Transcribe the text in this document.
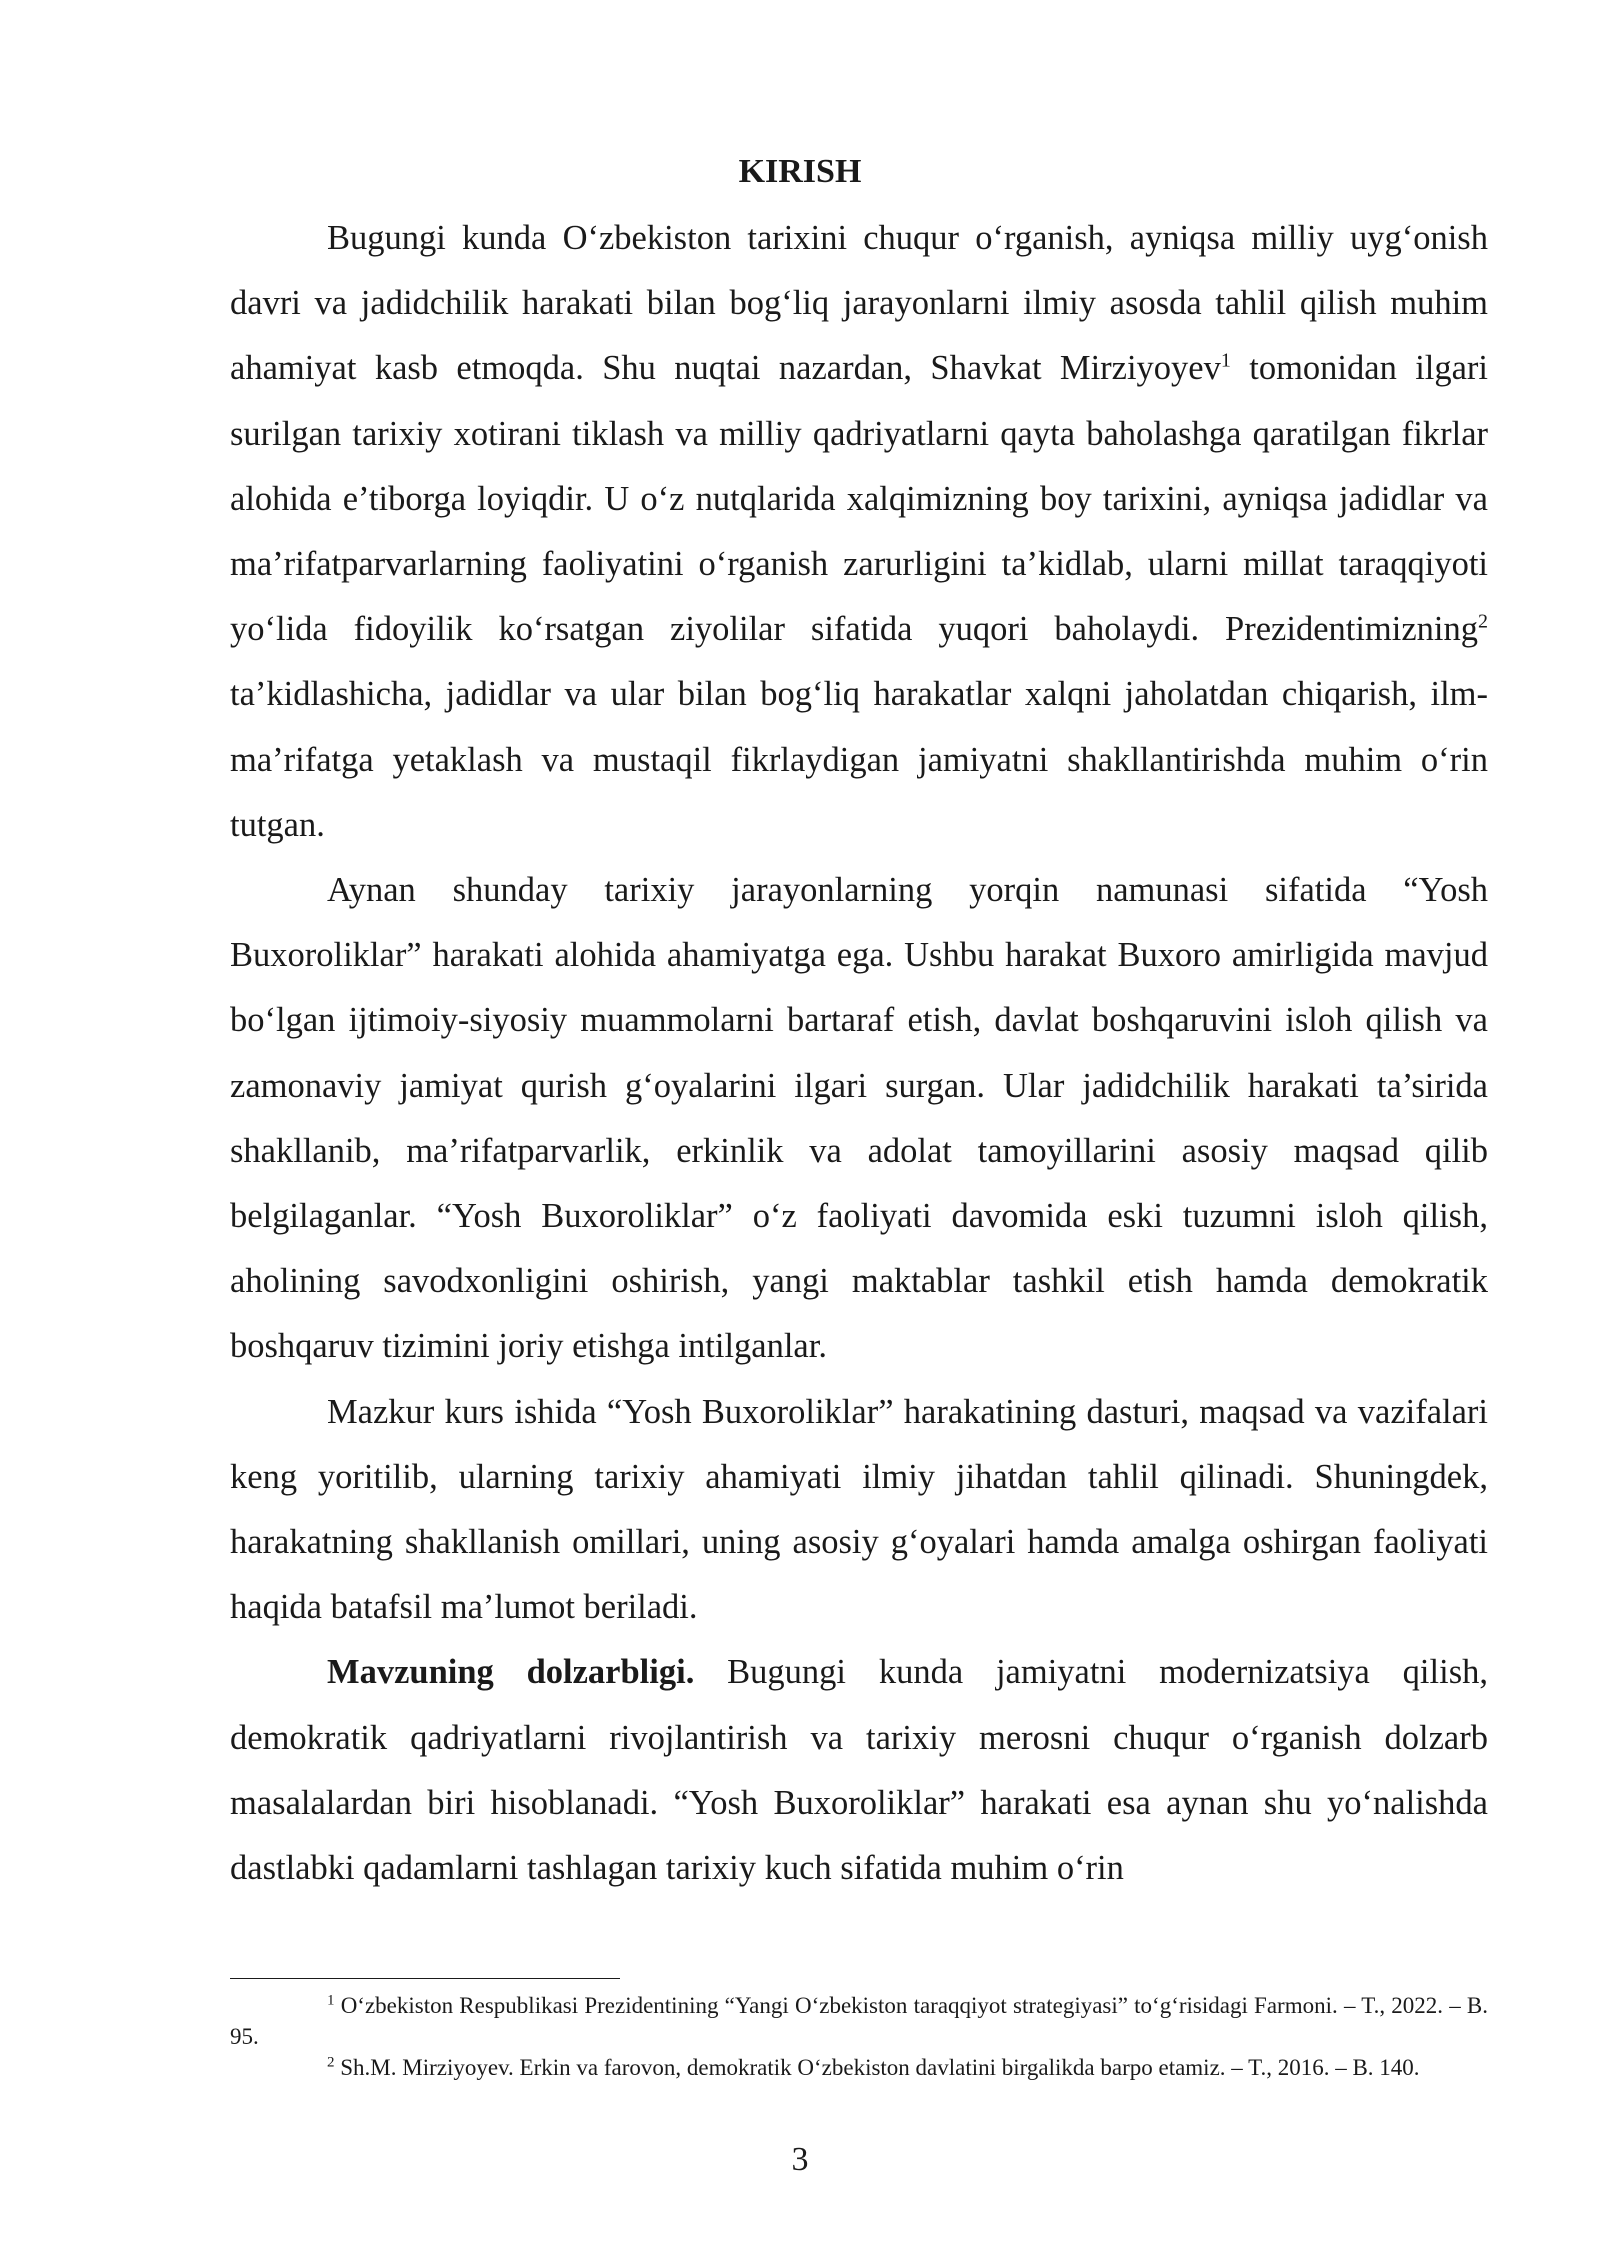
KIRISH

Bugungi kunda O‘zbekiston tarixini chuqur o‘rganish, ayniqsa milliy uyg‘onish davri va jadidchilik harakati bilan bog‘liq jarayonlarni ilmiy asosda tahlil qilish muhim ahamiyat kasb etmoqda. Shu nuqtai nazardan, Shavkat Mirziyoyev$^1$ tomonidan ilgari surilgan tarixiy xotirani tiklash va milliy qadriyatlarni qayta baholashga qaratilgan fikrlar alohida e’tiborga loyiqdir. U o‘z nutqlarida xalqimizning boy tarixini, ayniqsa jadidlar va ma’rifatparvarlarning faoliyatini o‘rganish zarurligini ta’kidlab, ularni millat taraqqiyoti yo‘lida fidoyilik ko‘rsatgan ziyolilar sifatida yuqori baholaydi. Prezidentimizning$^2$ ta’kidlashicha, jadidlar va ular bilan bog‘liq harakatlar xalqni jaholatdan chiqarish, ilm-ma’rifatga yetaklash va mustaqil fikrlaydigan jamiyatni shakllantirishda muhim o‘rin tutgan.

Aynan shunday tarixiy jarayonlarning yorqin namunasi sifatida “Yosh Buxoroliklar” harakati alohida ahamiyatga ega. Ushbu harakat Buxoro amirligida mavjud bo‘lgan ijtimoiy-siyosiy muammolarni bartaraf etish, davlat boshqaruvini isloh qilish va zamonaviy jamiyat qurish g‘oyalarini ilgari surgan. Ular jadidchilik harakati ta’sirida shakllanib, ma’rifatparvarlik, erkinlik va adolat tamoyillarini asosiy maqsad qilib belgilaganlar. “Yosh Buxoroliklar” o‘z faoliyati davomida eski tuzumni isloh qilish, aholining savodxonligini oshirish, yangi maktablar tashkil etish hamda demokratik boshqaruv tizimini joriy etishga intilganlar.

Mazkur kurs ishida “Yosh Buxoroliklar” harakatining dasturi, maqsad va vazifalari keng yoritilib, ularning tarixiy ahamiyati ilmiy jihatdan tahlil qilinadi. Shuningdek, harakatning shakllanish omillari, uning asosiy g‘oyalari hamda amalga oshirgan faoliyati haqida batafsil ma’lumot beriladi.

Mavzuning dolzarbligi. Bugungi kunda jamiyatni modernizatsiya qilish, demokratik qadriyatlarni rivojlantirish va tarixiy merosni chuqur o‘rganish dolzarb masalalardan biri hisoblanadi. “Yosh Buxoroliklar” harakati esa aynan shu yo‘nalishda dastlabki qadamlarni tashlagan tarixiy kuch sifatida muhim o‘rin

$^1$ O‘zbekiston Respublikasi Prezidentining “Yangi O‘zbekiston taraqqiyot strategiyasi” to‘g‘risidagi Farmoni. – T., 2022. – B. 95.

$^2$ Sh.M. Mirziyoyev. Erkin va farovon, demokratik O‘zbekiston davlatini birgalikda barpo etamiz. – T., 2016. – B. 140.

3
